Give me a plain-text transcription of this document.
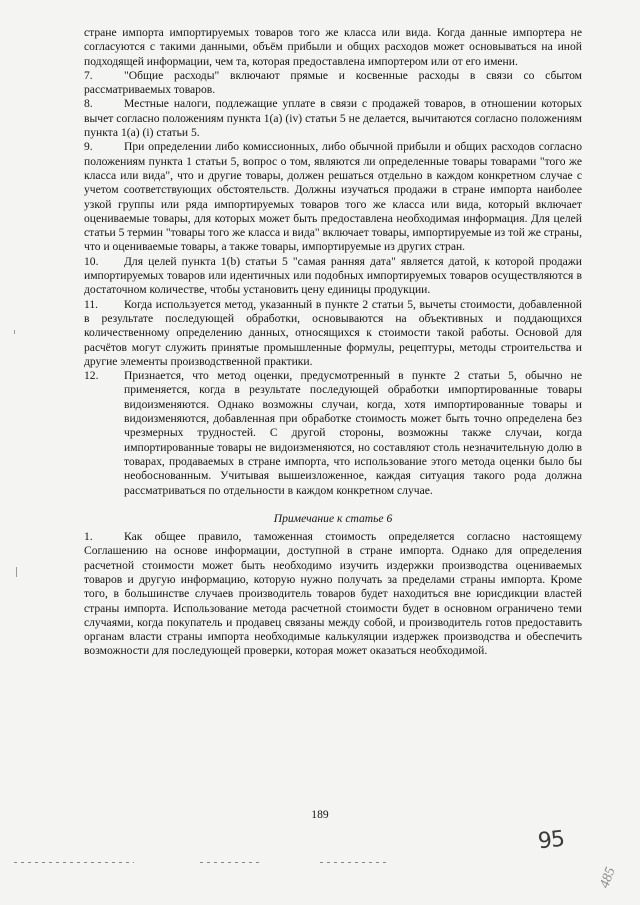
стране импорта импортируемых товаров того же класса или вида. Когда данные импортера не согласуются с такими данными, объём прибыли и общих расходов может основываться на иной подходящей информации, чем та, которая предоставлена импортером или от его имени.

7.	"Общие расходы" включают прямые и косвенные расходы в связи со сбытом рассматриваемых товаров.

8.	Местные налоги, подлежащие уплате в связи с продажей товаров, в отношении которых вычет согласно положениям пункта 1(а) (iv) статьи 5 не делается, вычитаются согласно положениям пункта 1(а) (i) статьи 5.

9.	При определении либо комиссионных, либо обычной прибыли и общих расходов согласно положениям пункта 1 статьи 5, вопрос о том, являются ли определенные товары товарами "того же класса или вида", что и другие товары, должен решаться отдельно в каждом конкретном случае с учетом соответствующих обстоятельств. Должны изучаться продажи в стране импорта наиболее узкой группы или ряда импортируемых товаров того же класса или вида, который включает оцениваемые товары, для которых может быть предоставлена необходимая информация. Для целей статьи 5 термин "товары того же класса и вида" включает товары, импортируемые из той же страны, что и оцениваемые товары, а также товары, импортируемые из других стран.

10. Для целей пункта 1(b) статьи 5 "самая ранняя дата" является датой, к которой продажи импортируемых товаров или идентичных или подобных импортируемых товаров осуществляются в достаточном количестве, чтобы установить цену единицы продукции.

11. Когда используется метод, указанный в пункте 2 статьи 5, вычеты стоимости, добавленной в результате последующей обработки, основываются на объективных и поддающихся количественному определению данных, относящихся к стоимости такой работы. Основой для расчётов могут служить принятые промышленные формулы, рецептуры, методы строительства и другие элементы производственной практики.

12.	Признается, что метод оценки, предусмотренный в пункте 2 статьи 5, обычно не применяется, когда в результате последующей обработки импортированные товары видоизменяются. Однако возможны случаи, когда, хотя импортированные товары и видоизменяются, добавленная при обработке стоимость может быть точно определена без чрезмерных трудностей. С другой стороны, возможны также случаи, когда импортированные товары не видоизменяются, но составляют столь незначительную долю в товарах, продаваемых в стране импорта, что использование этого метода оценки было бы необоснованным. Учитывая вышеизложенное, каждая ситуация такого рода должна рассматриваться по отдельности в каждом конкретном случае.
Примечание к статье 6

1.	Как общее правило, таможенная стоимость определяется согласно настоящему Соглашению на основе информации, доступной в стране импорта. Однако для определения расчетной стоимости может быть необходимо изучить издержки производства оцениваемых товаров и другую информацию, которую нужно получать за пределами страны импорта. Кроме того, в большинстве случаев производитель товаров будет находиться вне юрисдикции властей страны импорта. Использование метода расчетной стоимости будет в основном ограничено теми случаями, когда покупатель и продавец связаны между собой, и производитель готов предоставить органам власти страны импорта необходимые калькуляции издержек производства и обеспечить возможности для последующей проверки, которая может оказаться необходимой.

189
95
485
